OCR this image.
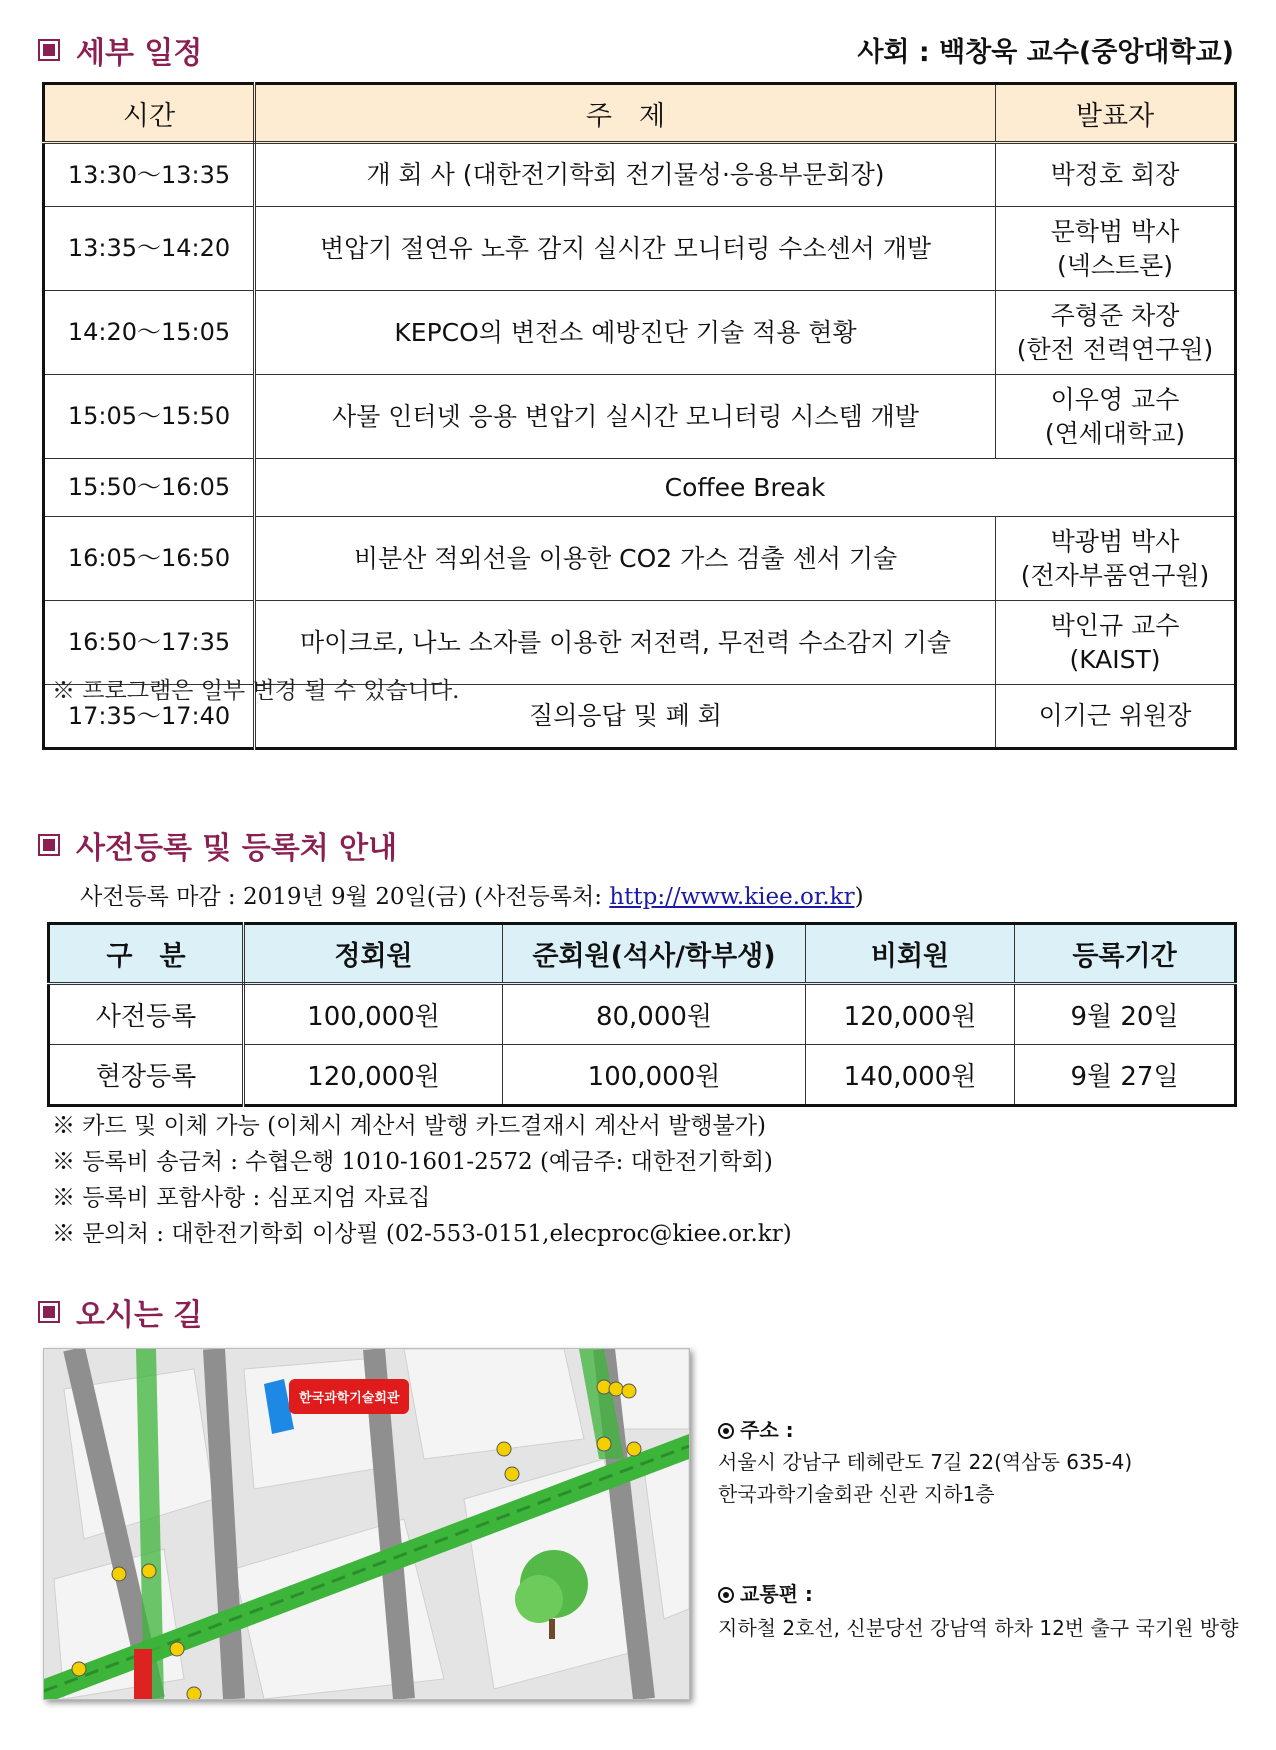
세부 일정	사회 : 백창욱 교수(중앙대학교)
시간	주　제	발표자
13:30～13:35	개 회 사 (대한전기학회 전기물성·응용부문회장)	박정호 회장

13:35～14:20	변압기 절연유 노후 감지 실시간 모니터링 수소센서 개발	문학범 박사
(넥스트론)

14:20～15:05	KEPCO의 변전소 예방진단 기술 적용 현황	주형준 차장
(한전 전력연구원)

15:05～15:50	사물 인터넷 응용 변압기 실시간 모니터링 시스템 개발	이우영 교수
(연세대학교)

15:50～16:05	Coffee Break	
16:05～16:50	비분산 적외선을 이용한 CO2 가스 검출 센서 기술	박광범 박사
(전자부품연구원)

16:50～17:35	마이크로, 나노 소자를 이용한 저전력, 무전력 수소감지 기술	박인규 교수
(KAIST)

17:35～17:40	질의응답 및 폐 회	이기근 위원장
※ 프로그램은 일부 변경 될 수 있습니다.
사전등록 및 등록처 안내
사전등록 마감 : 2019년 9월 20일(금) (사전등록처: http://www.kiee.or.kr)
구　분	정회원	준회원(석사/학부생)	비회원	등록기간
사전등록	100,000원	80,000원	120,000원	9월 20일
현장등록	120,000원	100,000원	140,000원	9월 27일
※ 카드 및 이체 가능 (이체시 계산서 발행 카드결재시 계산서 발행불가)
※ 등록비 송금처 : 수협은행 1010-1601-2572 (예금주: 대한전기학회)
※ 등록비 포함사항 : 심포지엄 자료집
※ 문의처 : 대한전기학회 이상필 (02-553-0151,elecproc@kiee.or.kr)
오시는 길
한국과학기술회관
주소 :
서울시 강남구 테헤란도 7길 22(역삼동 635-4)
한국과학기술회관 신관 지하1층
교통편 :
지하철 2호선, 신분당선 강남역 하차 12번 출구 국기원 방향
